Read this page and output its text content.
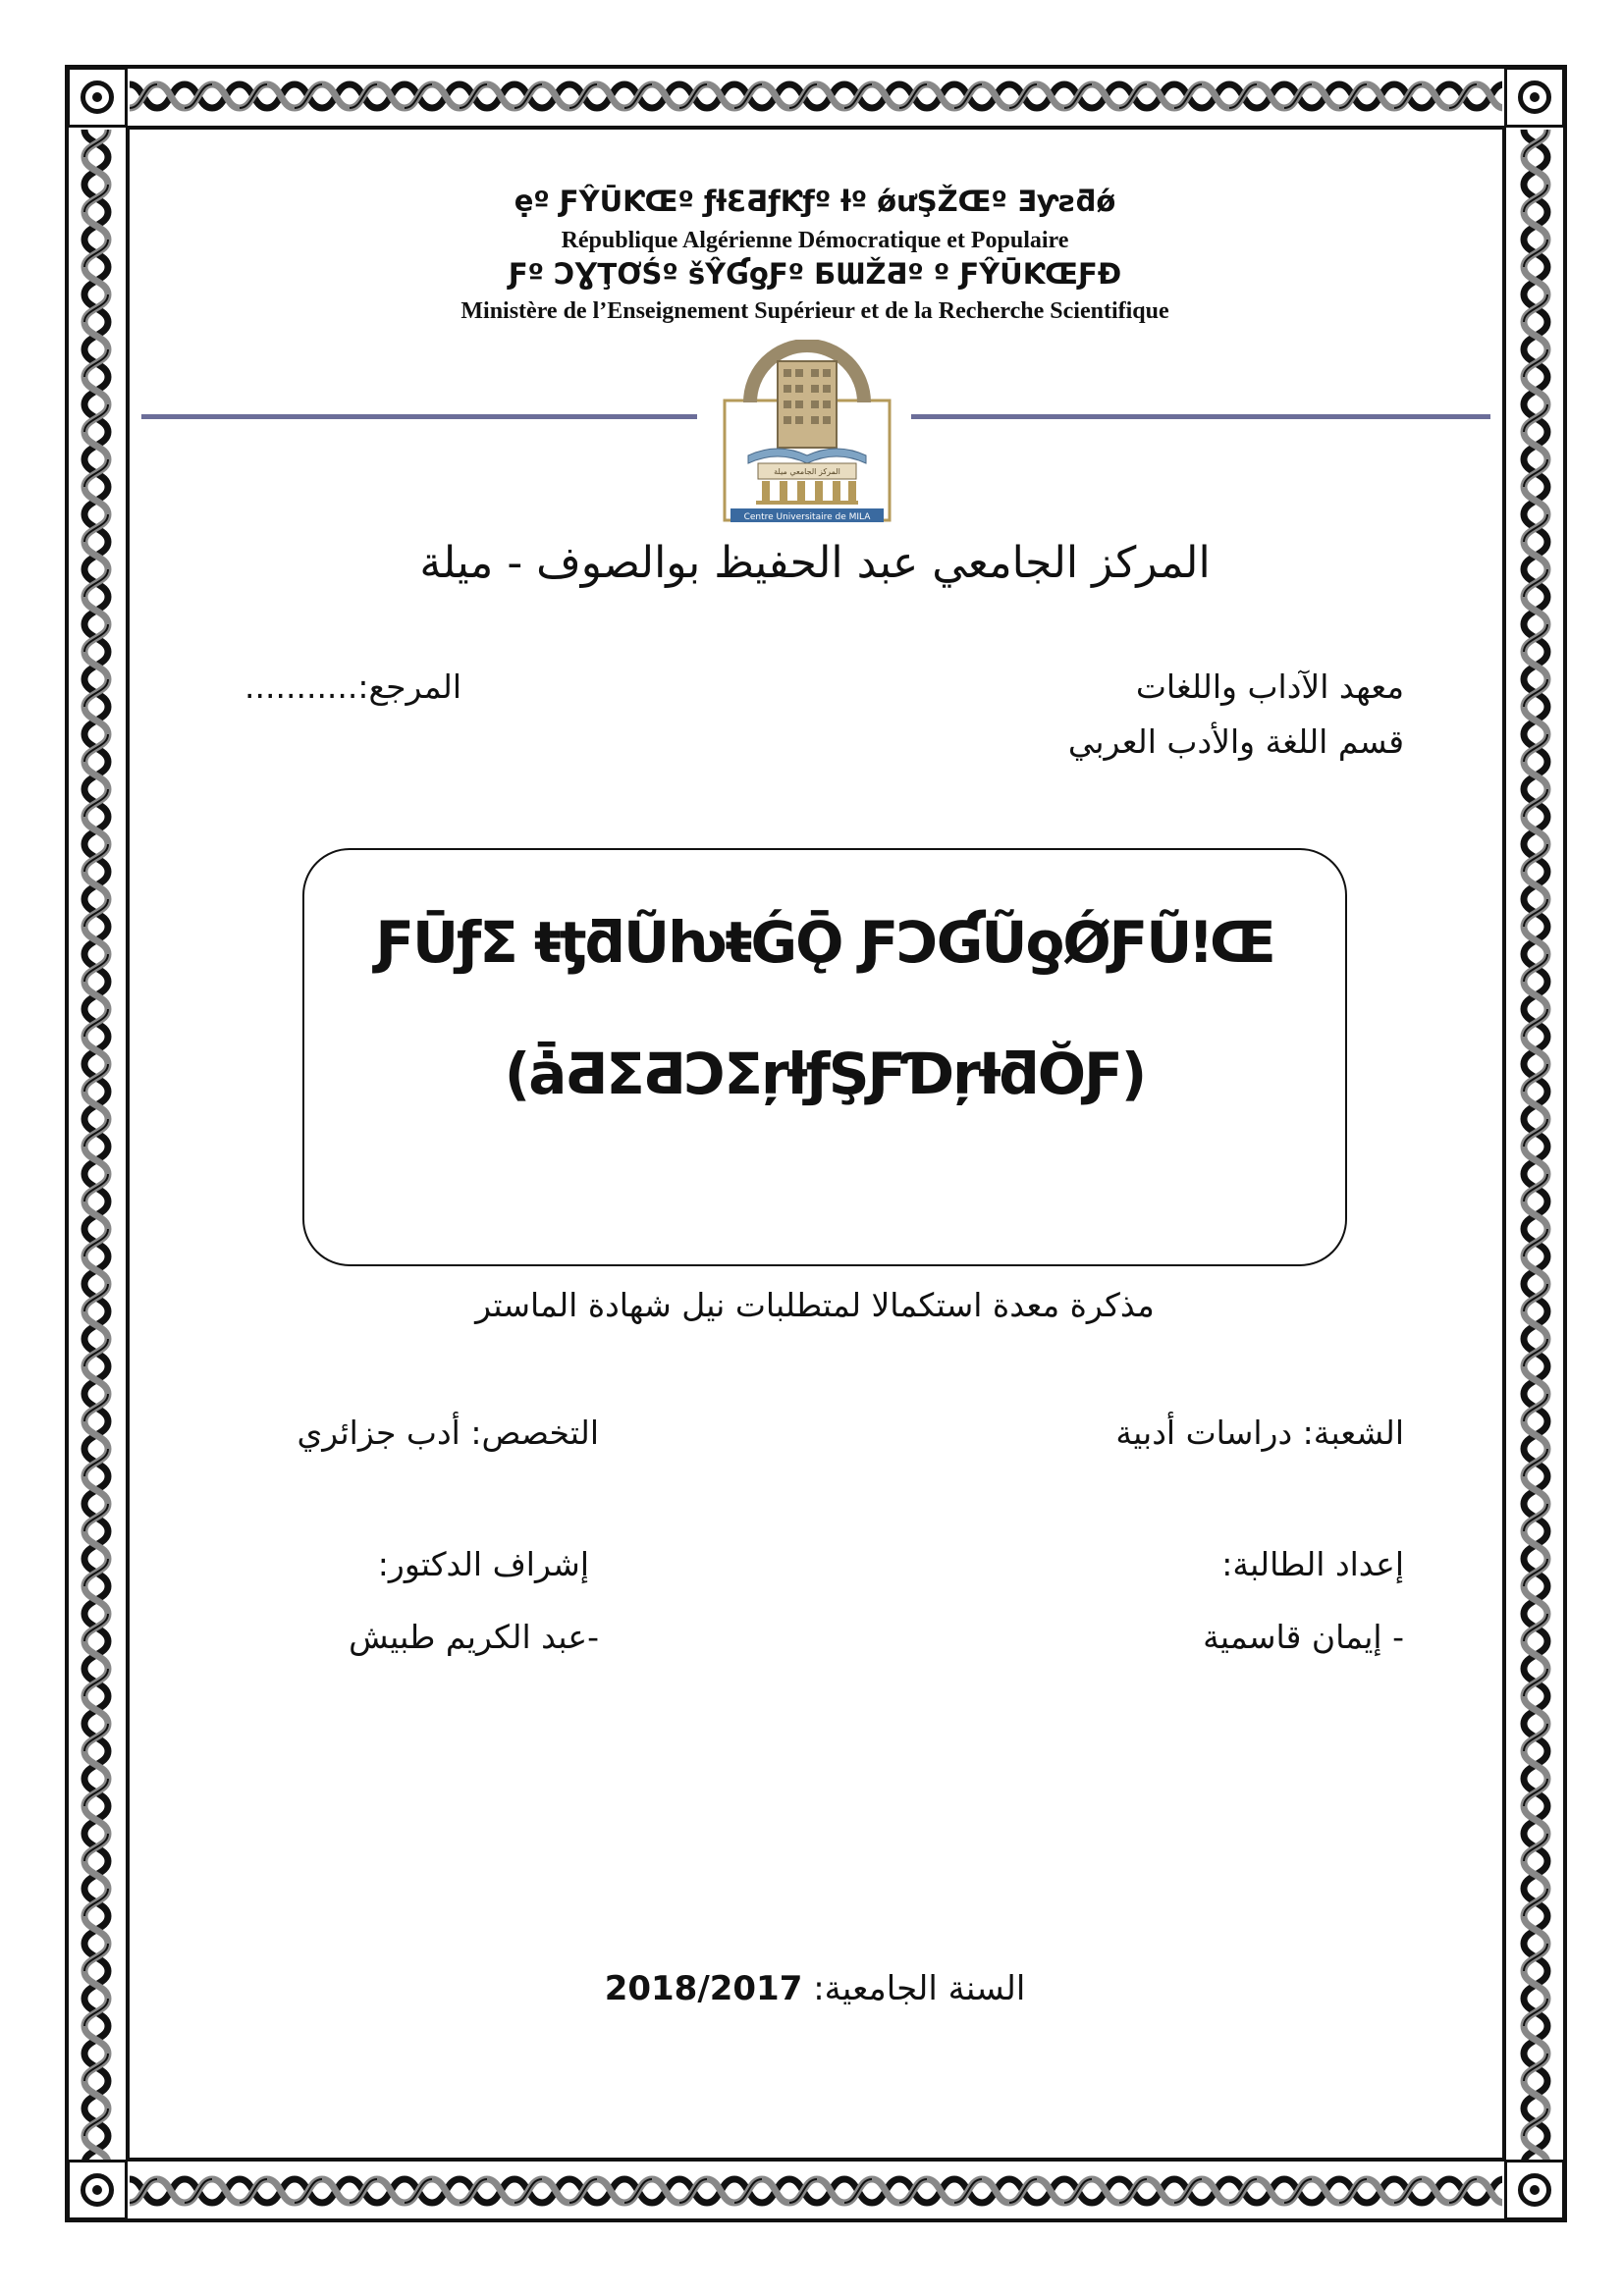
ẹº ƑŶŪƘŒº ƒƚƐƋƒƘƒº ƚº ǿưŞŽŒº Ǝƴƨƌǿ
République Algérienne Démocratique et Populaire
Ƒº ƆƔŢƠŚº šŶƓƍƑº ƂƜŽƋº º ƑŶŪƘŒƑƉ
Ministère de l’Enseignement Supérieur et de la Recherche Scientifique
Centre Universitaire de MILA
المركز الجامعي ميلة
المركز الجامعي عبد الحفيظ بوالصوف - ميلة
معهد الآداب واللغات
قسم اللغة والأدب العربي
المرجع:...........
ƑŪƒƩ ŧƫƌŨƕŧǴǬ ƑƆƓŨƍǾƑŨǃŒ
(ǡƋƩƋƆƩŗƚƒŞƑƊŗƗƌŎƑ)
مذكرة معدة استكمالا لمتطلبات نيل شهادة الماستر
الشعبة: دراسات أدبية
التخصص: أدب جزائري
إعداد الطالبة:
- إيمان قاسمية
إشراف الدكتور:
-عبد الكريم طبيش
السنة الجامعية: 2018/2017
